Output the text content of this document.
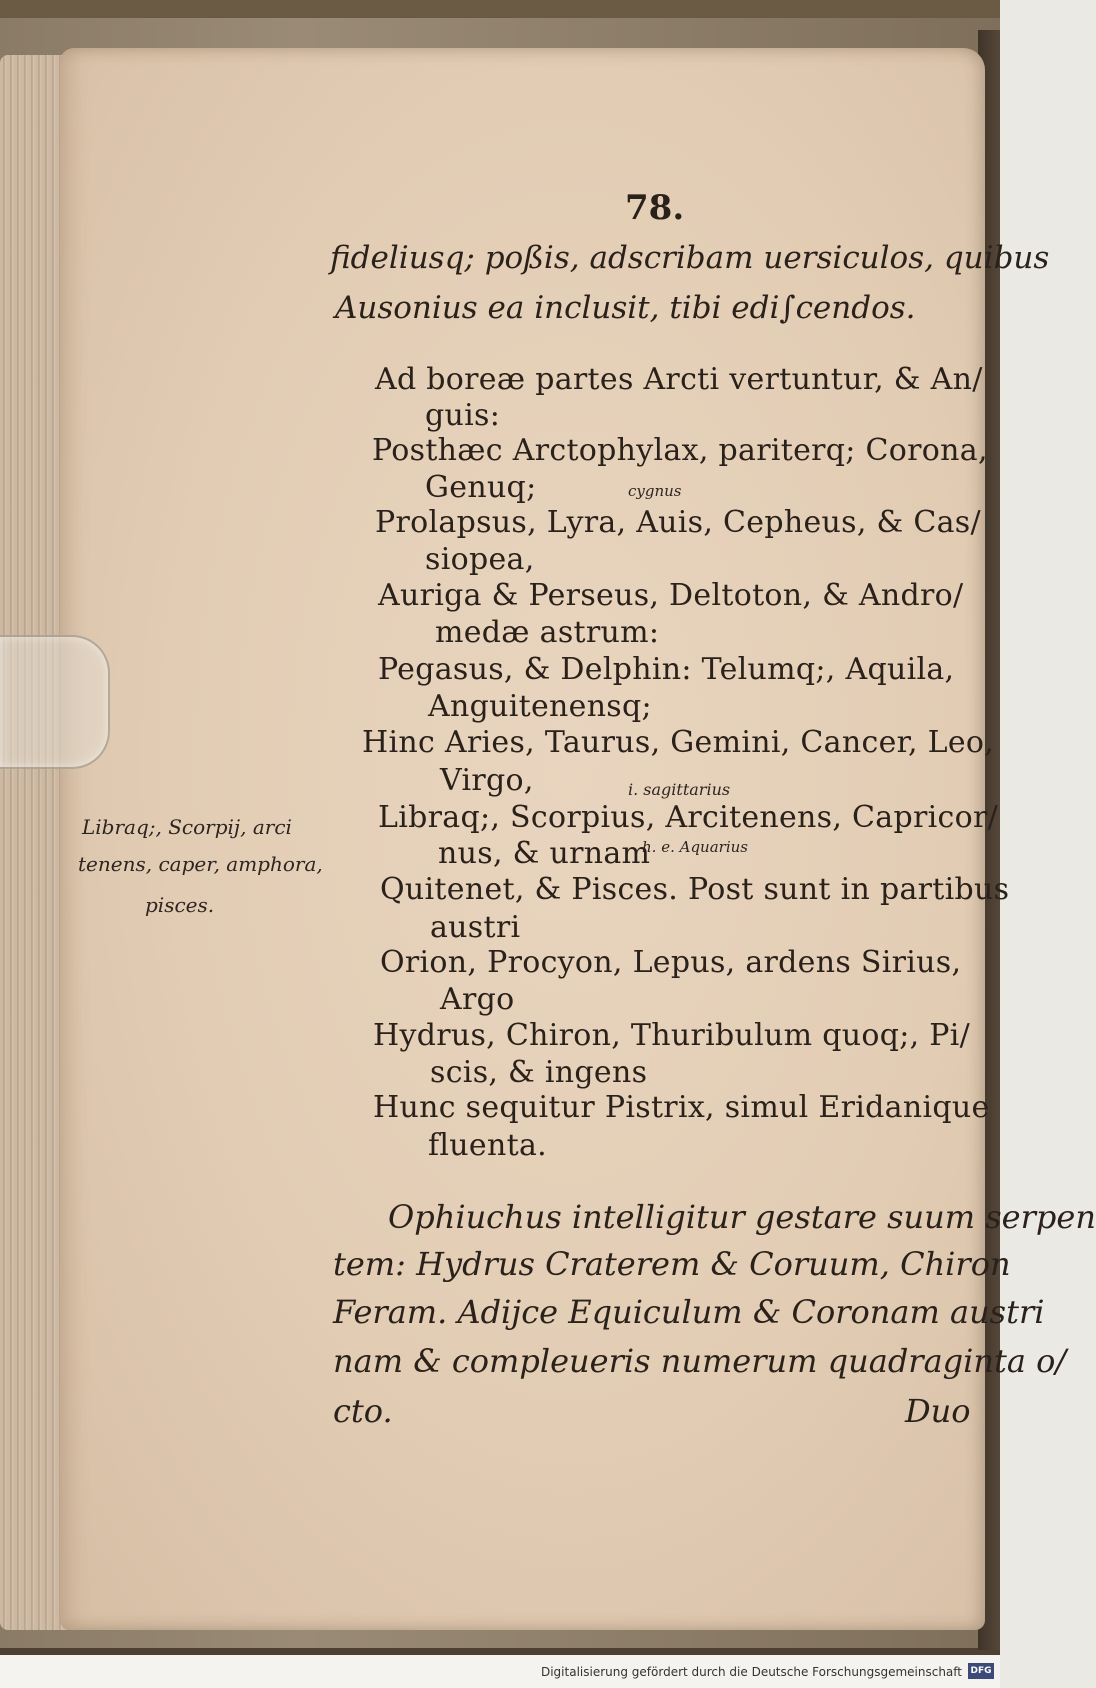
78.
fideliusq; poßis, adscribam uersiculos, quibus
Ausonius ea inclusit, tibi edi∫cendos.
Ad boreæ partes Arcti vertuntur, & An∕
guis:
Posthæc Arctophylax, pariterq; Corona,
Genuq;
Prolapsus, Lyra, Auis, Cepheus, & Cas∕
siopea,
Auriga & Perseus, Deltoton, & Andro∕
medæ astrum:
Pegasus, & Delphin: Telumq;, Aquila,
Anguitenensq;
Hinc Aries, Taurus, Gemini, Cancer, Leo,
Virgo,
Libraq;, Scorpius, Arcitenens, Capricor∕
nus, & urnam
Quitenet, & Pisces. Post sunt in partibus
austri
Orion, Procyon, Lepus, ardens Sirius,
Argo
Hydrus, Chiron, Thuribulum quoq;, Pi∕
scis, & ingens
Hunc sequitur Pistrix, simul Eridanique
fluenta.
Ophiuchus intelligitur gestare suum serpen
tem: Hydrus Craterem & Coruum, Chiron
Feram. Adijce Equiculum & Coronam austri
nam & compleueris numerum quadraginta o∕
cto.	Duo
cygnus
i. sagittarius
h. e. Aquarius
Libraq;, Scorpij, arci
tenens, caper, amphora,
pisces.
Digitalisierung gefördert durch die Deutsche Forschungsgemeinschaft DFG
